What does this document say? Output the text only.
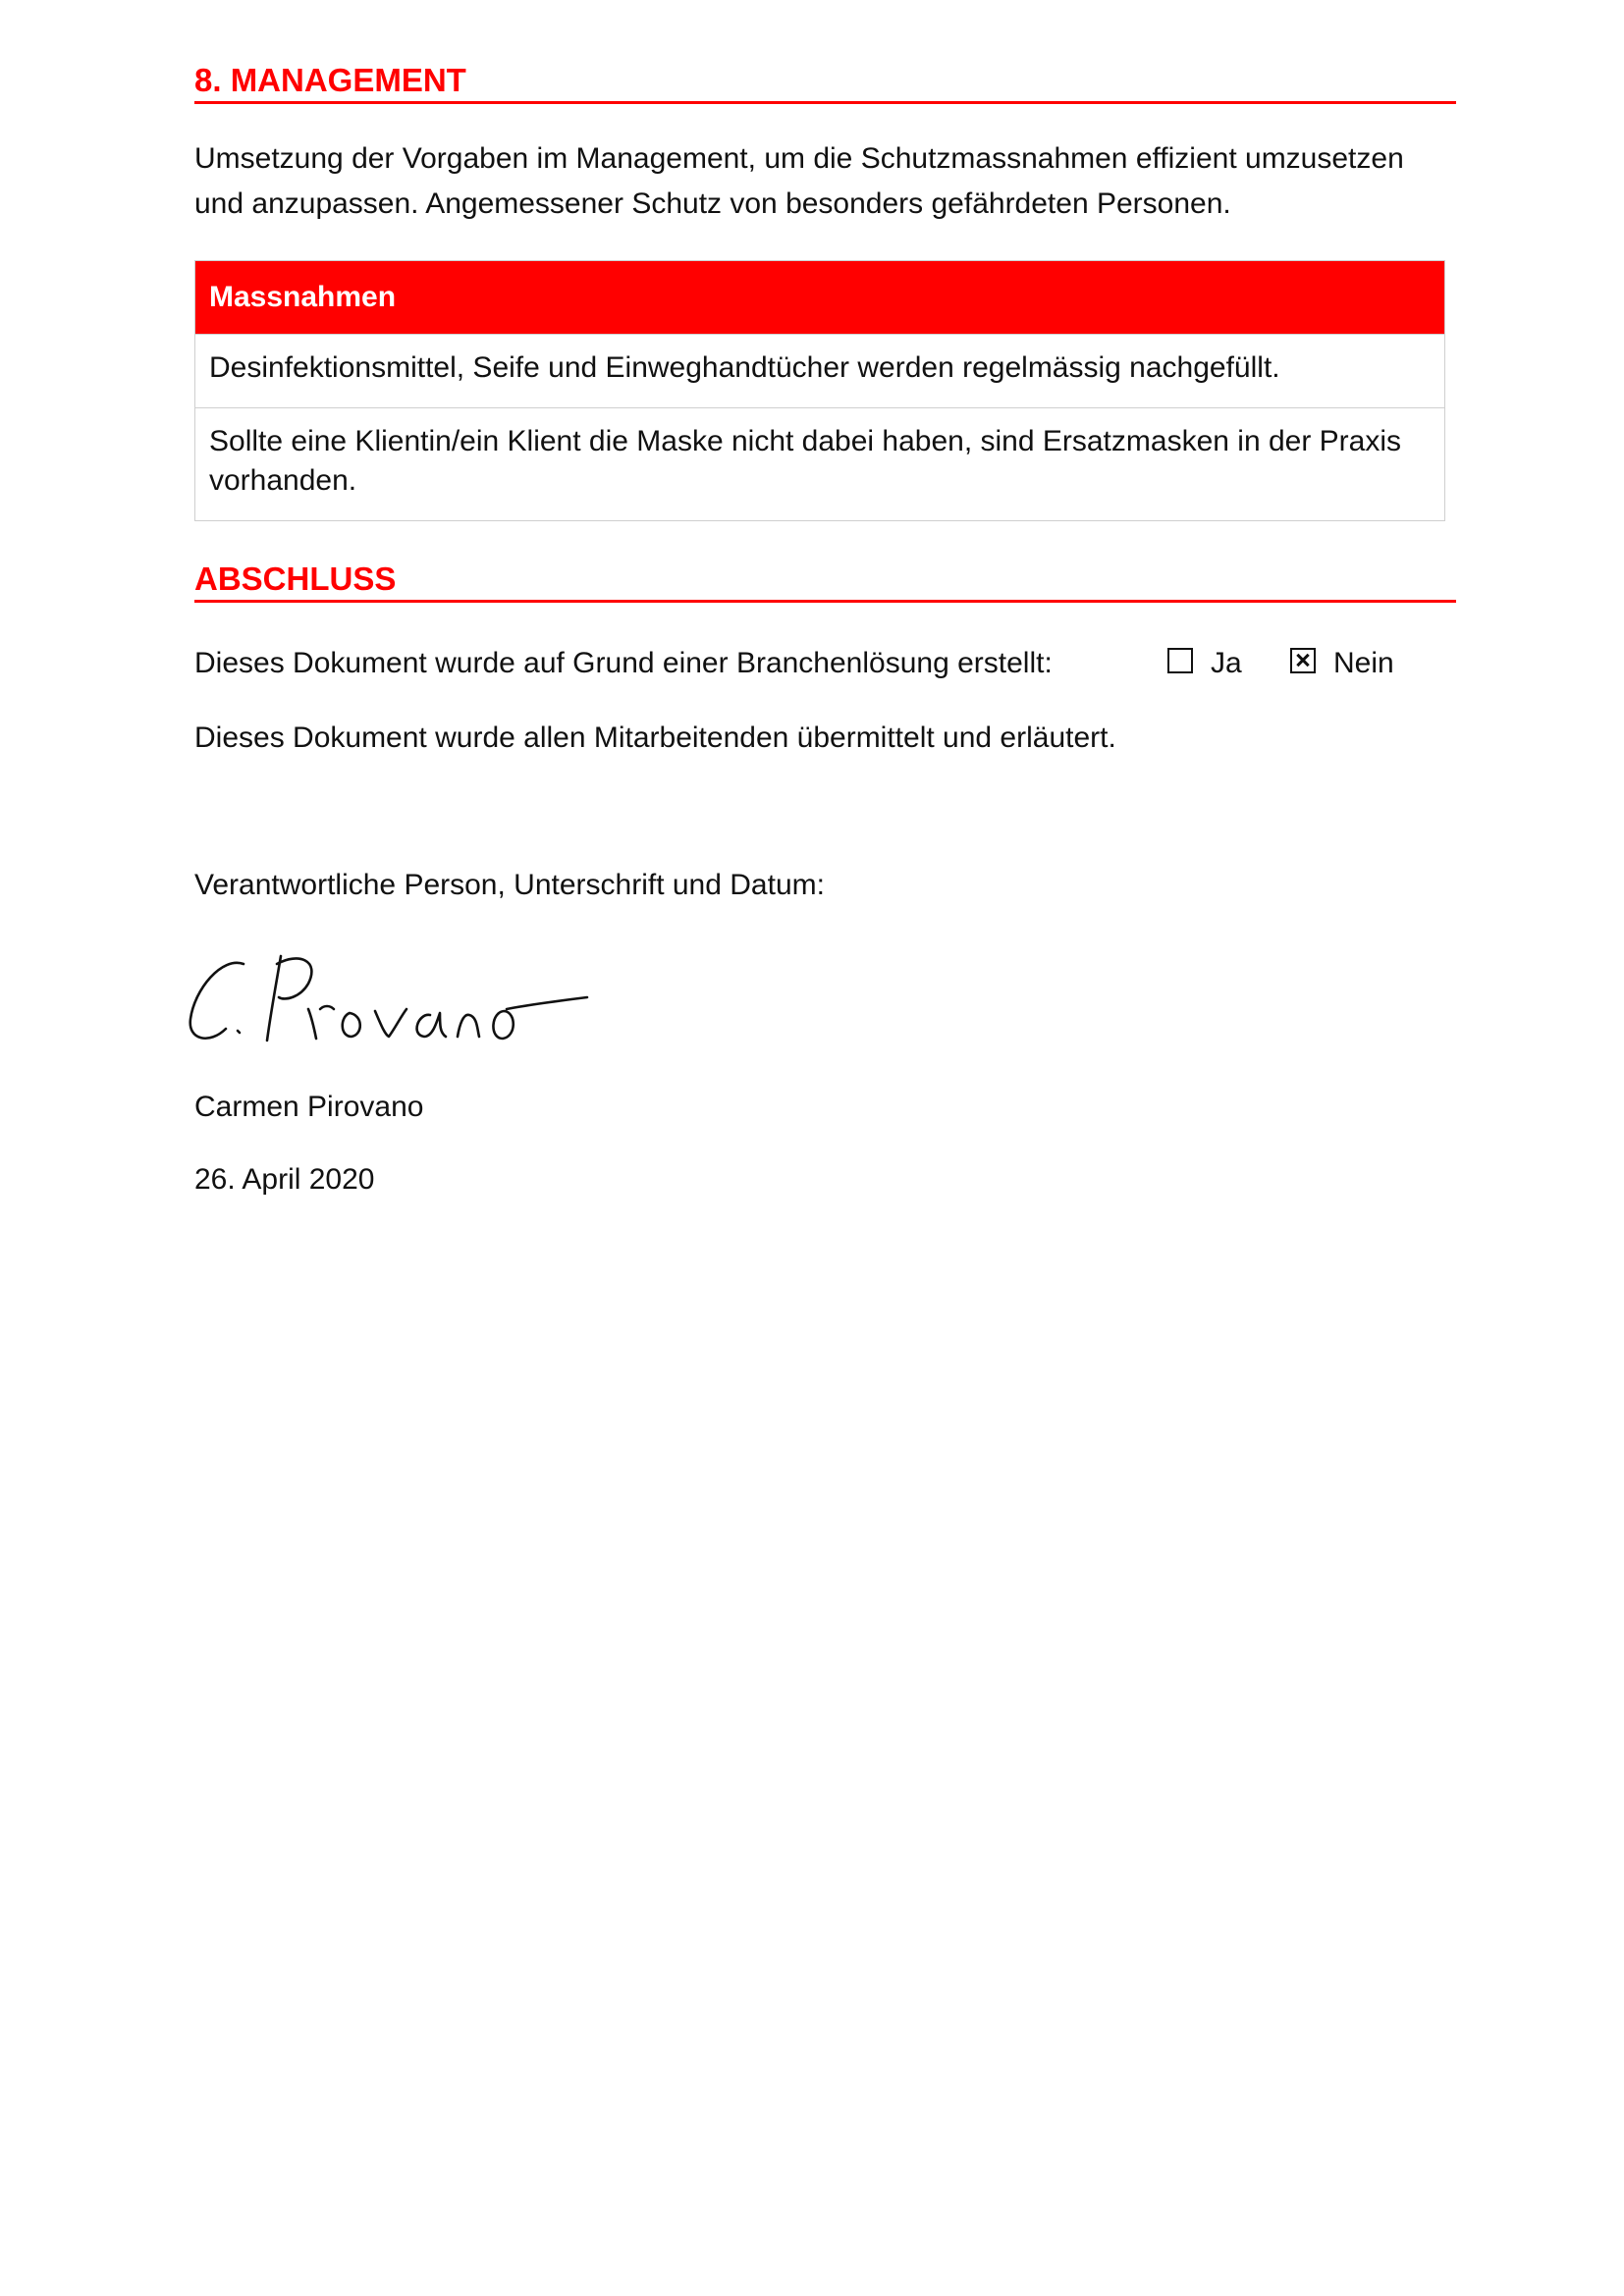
8. MANAGEMENT

Umsetzung der Vorgaben im Management, um die Schutzmassnahmen effizient umzusetzen

und anzupassen. Angemessener Schutz von besonders gefährdeten Personen.

Massnahmen
Desinfektionsmittel, Seife und Einweghandtücher werden regelmässig nachgefüllt.
Sollte eine Klientin/ein Klient die Maske nicht dabei haben, sind Ersatzmasken in der Praxis
vorhanden.
ABSCHLUSS
Dieses Dokument wurde auf Grund einer Branchenlösung erstellt:	Ja	Nein
Dieses Dokument wurde allen Mitarbeitenden übermittelt und erläutert.
Verantwortliche Person, Unterschrift und Datum:
Carmen Pirovano
26. April 2020
